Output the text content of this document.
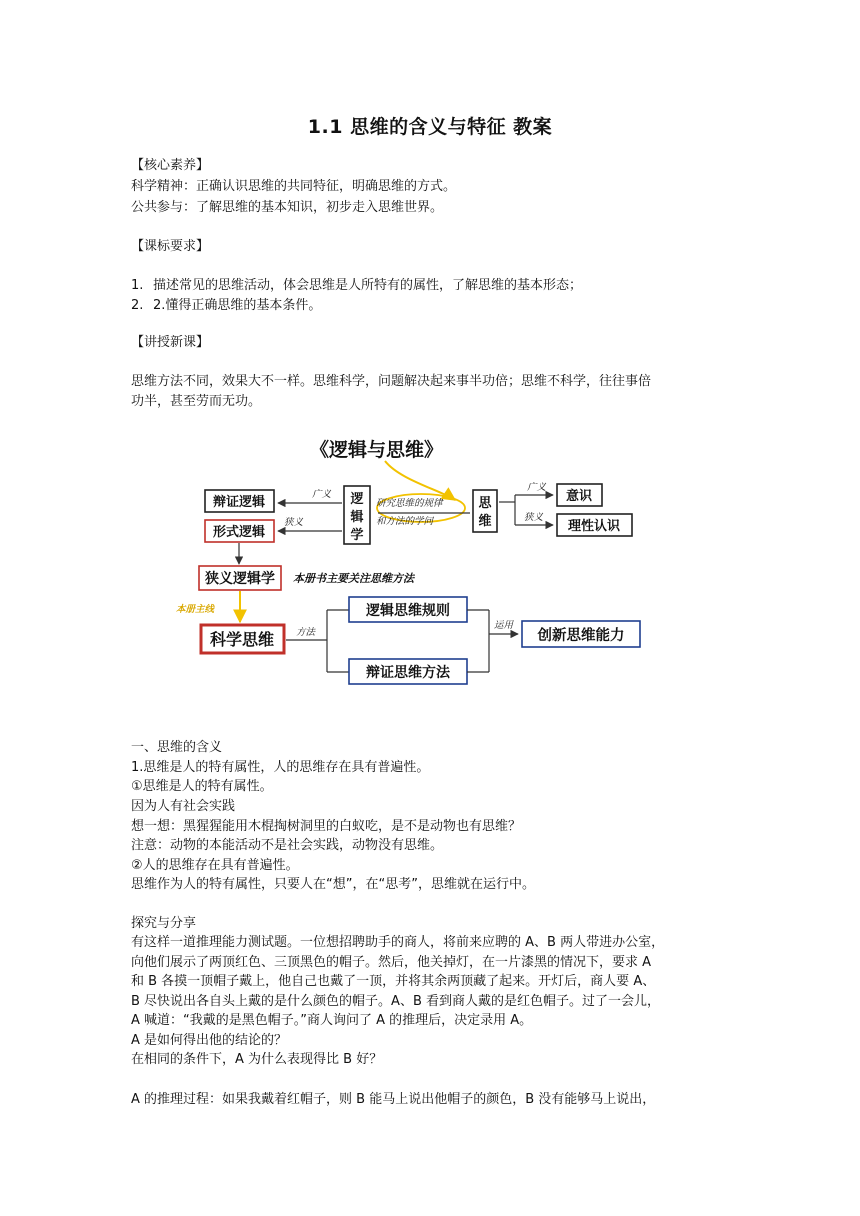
1.1 思维的含义与特征 教案
【核心素养】
科学精神：正确认识思维的共同特征，明确思维的方式。
公共参与：了解思维的基本知识，初步走入思维世界。
【课标要求】
1. 描述常见的思维活动，体会思维是人所特有的属性，了解思维的基本形态；
2. 2.懂得正确思维的基本条件。
【讲授新课】
思维方法不同，效果大不一样。思维科学，问题解决起来事半功倍；思维不科学，往往事倍
功半，甚至劳而无功。
《逻辑与思维》
逻
辑
学
思
维
研究思维的规律
和方法的学问
辩证逻辑
形式逻辑
广义
狭义
意识
理性认识
广义
狭义
狭义逻辑学 本册书主要关注思维方法
本册主线
科学思维 方法
逻辑思维规则
辩证思维方法
运用
创新思维能力
一、思维的含义
1.思维是人的特有属性，人的思维存在具有普遍性。
①思维是人的特有属性。
因为人有社会实践
想一想：黑猩猩能用木棍掏树洞里的白蚁吃，是不是动物也有思维？
注意：动物的本能活动不是社会实践，动物没有思维。
②人的思维存在具有普遍性。
思维作为人的特有属性，只要人在“想”，在“思考”，思维就在运行中。
探究与分享
有这样一道推理能力测试题。一位想招聘助手的商人，将前来应聘的 A、B 两人带进办公室，
向他们展示了两顶红色、三顶黑色的帽子。然后，他关掉灯，在一片漆黑的情况下，要求 A
和 B 各摸一顶帽子戴上，他自己也戴了一顶，并将其余两顶藏了起来。开灯后，商人要 A、
B 尽快说出各自头上戴的是什么颜色的帽子。A、B 看到商人戴的是红色帽子。过了一会儿，
A 喊道：“我戴的是黑色帽子。”商人询问了 A 的推理后，决定录用 A。
A 是如何得出他的结论的？
在相同的条件下，A 为什么表现得比 B 好？
A 的推理过程：如果我戴着红帽子，则 B 能马上说出他帽子的颜色，B 没有能够马上说出，
